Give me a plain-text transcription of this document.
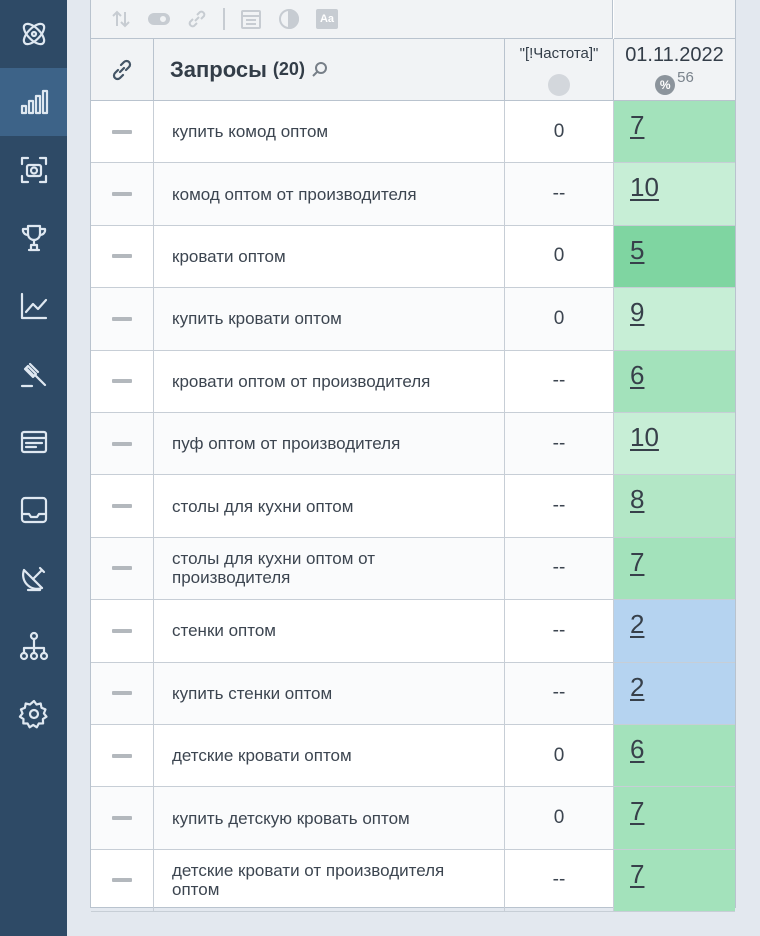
Aa
Запросы (20)
"[!Частота]"	01.11.2022
% 56
купить комод оптом	0	7
комод оптом от производителя	--	10
кровати оптом	0	5
купить кровати оптом	0	9
кровати оптом от производителя	--	6
пуф оптом от производителя	--	10
столы для кухни оптом	--	8
столы для кухни оптом от производителя	--	7
стенки оптом	--	2
купить стенки оптом	--	2
детские кровати оптом	0	6
купить детскую кровать оптом	0	7
детские кровати от производителя оптом	--	7
